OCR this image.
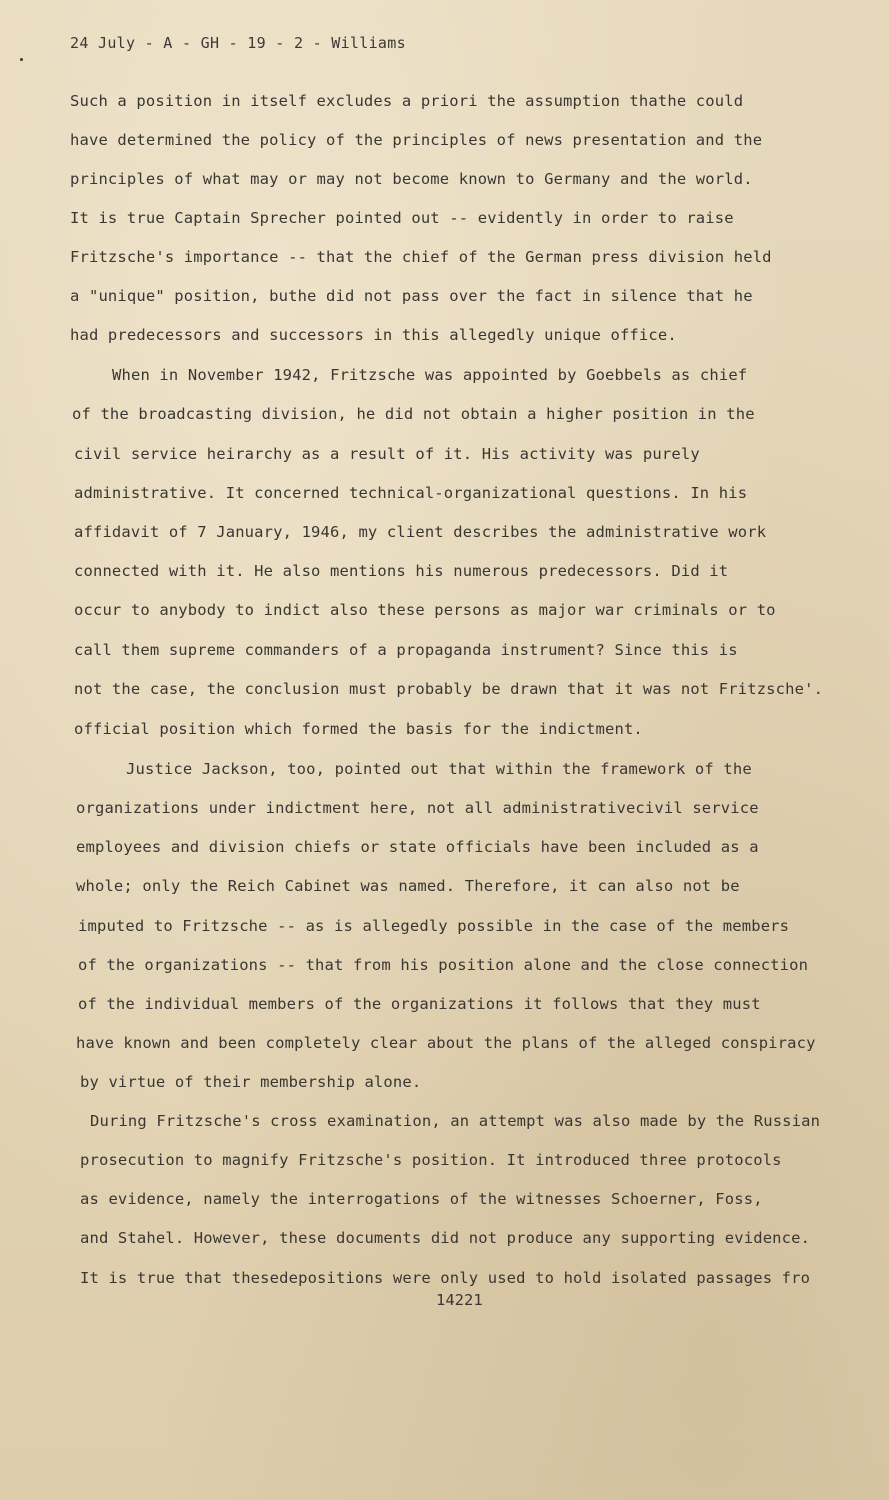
24 July - A - GH - 19 - 2 - Williams
Such a position in itself excludes a priori the assumption thathe could
have determined the policy of the principles of news presentation and the
principles of what may or may not become known to Germany and the world.
It is true Captain Sprecher pointed out -- evidently in order to raise
Fritzsche's importance -- that the chief of the German press division held
a "unique" position, buthe did not pass over the fact in silence that he
had predecessors and successors in this allegedly unique office.
When in November 1942, Fritzsche was appointed by Goebbels as chief
of the broadcasting division, he did not obtain a higher position in the
civil service heirarchy as a result of it. His activity was purely
administrative. It concerned technical-organizational questions. In his
affidavit of 7 January, 1946, my client describes the administrative work
connected with it. He also mentions his numerous predecessors. Did it
occur to anybody to indict also these persons as major war criminals or to
call them supreme commanders of a propaganda instrument? Since this is
not the case, the conclusion must probably be drawn that it was not Fritzsche'.
official position which formed the basis for the indictment.
Justice Jackson, too, pointed out that within the framework of the
organizations under indictment here, not all administrativecivil service
employees and division chiefs or state officials have been included as a
whole; only the Reich Cabinet was named. Therefore, it can also not be
imputed to Fritzsche -- as is allegedly possible in the case of the members
of the organizations -- that from his position alone and the close connection
of the individual members of the organizations it follows that they must
have known and been completely clear about the plans of the alleged conspiracy
by virtue of their membership alone.
During Fritzsche's cross examination, an attempt was also made by the Russian
prosecution to magnify Fritzsche's position. It introduced three protocols
as evidence, namely the interrogations of the witnesses Schoerner, Foss,
and Stahel. However, these documents did not produce any supporting evidence.
It is true that thesedepositions were only used to hold isolated passages fro
14221
